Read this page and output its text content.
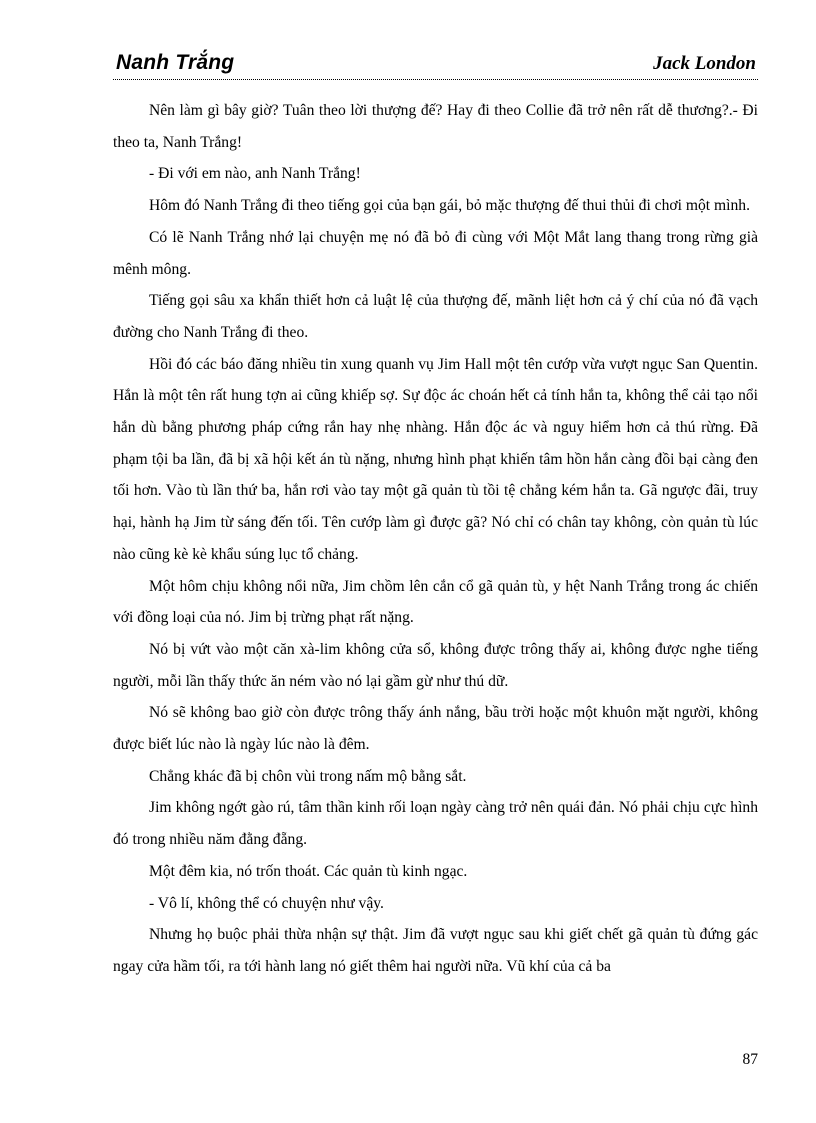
Nanh Trắng	Jack London

Nên làm gì bây giờ? Tuân theo lời thượng đế? Hay đi theo Collie đã trở nên rất dễ thương?.- Đi theo ta, Nanh Trắng!

- Đi với em nào, anh Nanh Trắng!

Hôm đó Nanh Trắng đi theo tiếng gọi của bạn gái, bỏ mặc thượng đế thui thủi đi chơi một mình.

Có lẽ Nanh Trắng nhớ lại chuyện mẹ nó đã bỏ đi cùng với Một Mắt lang thang trong rừng già mênh mông.

Tiếng gọi sâu xa khẩn thiết hơn cả luật lệ của thượng đế, mãnh liệt hơn cả ý chí của nó đã vạch đường cho Nanh Trắng đi theo.

Hồi đó các báo đăng nhiều tin xung quanh vụ Jim Hall một tên cướp vừa vượt ngục San Quentin. Hắn là một tên rất hung tợn ai cũng khiếp sợ. Sự độc ác choán hết cả tính hắn ta, không thể cải tạo nổi hắn dù bằng phương pháp cứng rắn hay nhẹ nhàng. Hắn độc ác và nguy hiểm hơn cả thú rừng. Đã phạm tội ba lần, đã bị xã hội kết án tù nặng, nhưng hình phạt khiến tâm hồn hắn càng đồi bại càng đen tối hơn. Vào tù lần thứ ba, hắn rơi vào tay một gã quản tù tồi tệ chẳng kém hắn ta. Gã ngược đãi, truy hại, hành hạ Jim từ sáng đến tối. Tên cướp làm gì được gã? Nó chỉ có chân tay không, còn quản tù lúc nào cũng kè kè khẩu súng lục tổ chảng.

Một hôm chịu không nổi nữa, Jim chồm lên cắn cổ gã quản tù, y hệt Nanh Trắng trong ác chiến với đồng loại của nó. Jim bị trừng phạt rất nặng.

Nó bị vứt vào một căn xà-lim không cửa sổ, không được trông thấy ai, không được nghe tiếng người, mỗi lần thấy thức ăn ném vào nó lại gầm gừ như thú dữ.

Nó sẽ không bao giờ còn được trông thấy ánh nắng, bầu trời hoặc một khuôn mặt người, không được biết lúc nào là ngày lúc nào là đêm.

Chẳng khác đã bị chôn vùi trong nấm mộ bằng sắt.

Jim không ngớt gào rú, tâm thần kinh rối loạn ngày càng trở nên quái đản. Nó phải chịu cực hình đó trong nhiều năm đằng đẵng.

Một đêm kia, nó trốn thoát. Các quản tù kinh ngạc.

- Vô lí, không thể có chuyện như vậy.

Nhưng họ buộc phải thừa nhận sự thật. Jim đã vượt ngục sau khi giết chết gã quản tù đứng gác ngay cửa hầm tối, ra tới hành lang nó giết thêm hai người nữa. Vũ khí của cả ba

87
